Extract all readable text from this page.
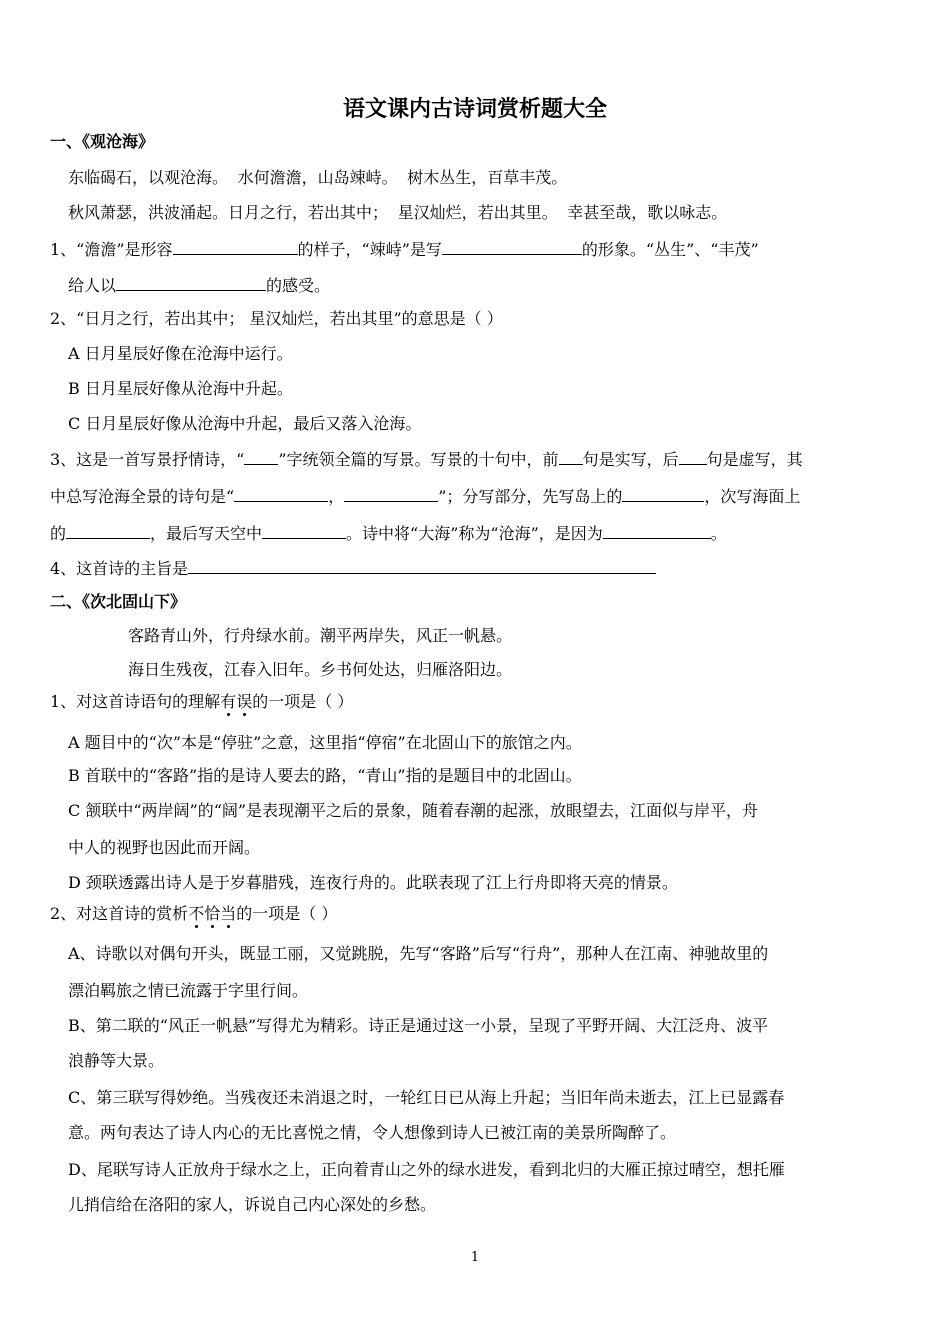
语文课内古诗词赏析题大全
一、《观沧海》
东临碣石，以观沧海。 水何澹澹，山岛竦峙。 树木丛生，百草丰茂。
秋风萧瑟，洪波涌起。日月之行，若出其中； 星汉灿烂，若出其里。 幸甚至哉，歌以咏志。
1、“澹澹”是形容	的样子，“竦峙”是写	的形象。“丛生”、“丰茂”
给人以	的感受。
2、“日月之行，若出其中； 星汉灿烂，若出其里”的意思是（ ）
A 日月星辰好像在沧海中运行。
B 日月星辰好像从沧海中升起。
C 日月星辰好像从沧海中升起，最后又落入沧海。
3、这是一首写景抒情诗，“ ”字统领全篇的写景。写景的十句中，前 句是实写，后 句是虚写，其
中总写沧海全景的诗句是“	，	”；分写部分，先写岛上的	，次写海面上
的	，最后写天空中	。诗中将“大海”称为“沧海”，是因为	。
4、这首诗的主旨是
二、《次北固山下》
客路青山外，行舟绿水前。潮平两岸失，风正一帆悬。
海日生残夜，江春入旧年。乡书何处达，归雁洛阳边。
1、对这首诗语句的理解有误的一项是（ ）
A 题目中的“次”本是“停驻”之意，这里指“停宿”在北固山下的旅馆之内。
B 首联中的“客路”指的是诗人要去的路，“青山”指的是题目中的北固山。
C 颔联中“两岸阔”的“阔”是表现潮平之后的景象，随着春潮的起涨，放眼望去，江面似与岸平，舟
中人的视野也因此而开阔。
D 颈联透露出诗人是于岁暮腊残，连夜行舟的。此联表现了江上行舟即将天亮的情景。
2、对这首诗的赏析不恰当的一项是（ ）
A、诗歌以对偶句开头，既显工丽，又觉跳脱，先写“客路”后写“行舟”，那种人在江南、神驰故里的
漂泊羁旅之情已流露于字里行间。
B、第二联的“风正一帆悬”写得尤为精彩。诗正是通过这一小景，呈现了平野开阔、大江泛舟、波平
浪静等大景。
C、第三联写得妙绝。当残夜还未消退之时，一轮红日已从海上升起；当旧年尚未逝去，江上已显露春
意。两句表达了诗人内心的无比喜悦之情，令人想像到诗人已被江南的美景所陶醉了。
D、尾联写诗人正放舟于绿水之上，正向着青山之外的绿水进发，看到北归的大雁正掠过晴空，想托雁
儿捎信给在洛阳的家人，诉说自己内心深处的乡愁。
1
